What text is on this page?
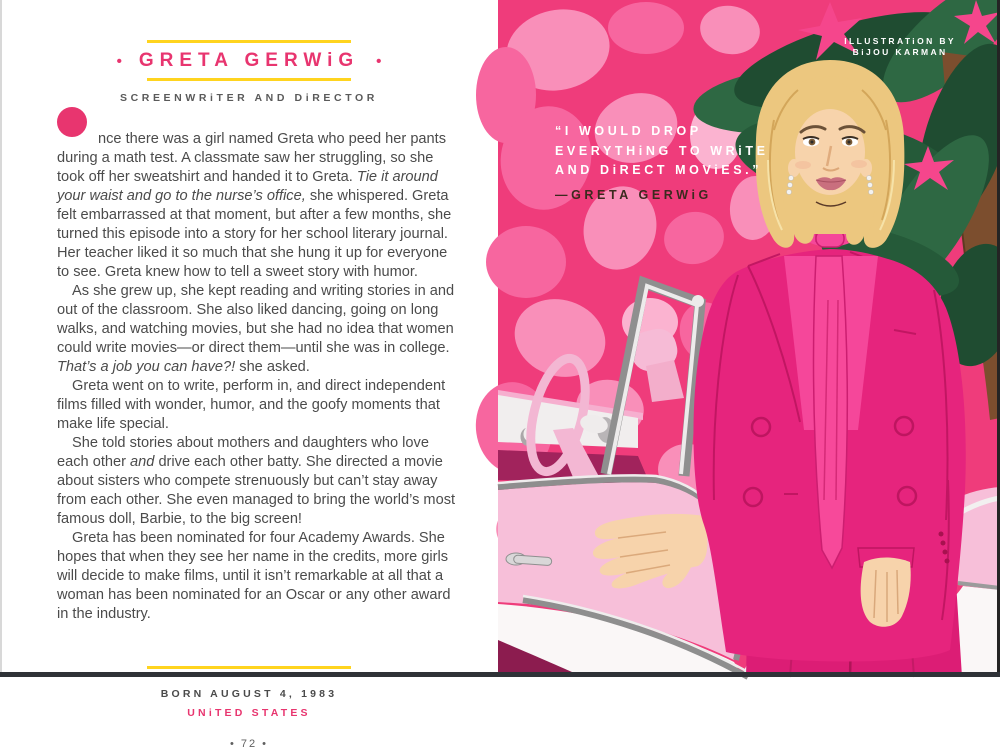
• GRETA GERWiG	•
SCREENWRiTER AND DiRECTOR

nce there was a girl named Greta who peed her pants during a math test. A classmate saw her struggling, so she took off her sweatshirt and handed it to Greta. Tie it around your waist and go to the nurse’s office, she whispered. Greta felt embarrassed at that moment, but after a few months, she turned this episode into a story for her school literary journal. Her teacher liked it so much that she hung it up for everyone to see. Greta knew how to tell a sweet story with humor.

As she grew up, she kept reading and writing stories in and out of the classroom. She also liked dancing, going on long walks, and watching movies, but she had no idea that women could write movies—or direct them—until she was in college. That’s a job you can have?! she asked.

Greta went on to write, perform in, and direct independent films filled with wonder, humor, and the goofy moments that make life special.

She told stories about mothers and daughters who love each other and drive each other batty. She directed a movie about sisters who compete strenuously but can’t stay away from each other. She even managed to bring the world’s most famous doll, Barbie, to the big screen!

Greta has been nominated for four Academy Awards. She hopes that when they see her name in the credits, more girls will decide to make films, until it isn’t remarkable at all that a woman has been nominated for an Oscar or any other award in the industry.

BORN AUGUST 4, 1983
UNiTED STATES
• 72 •
ILLUSTRATiON BY
BiJOU KARMAN
“I WOULD DROP
EVERYTHiNG TO WRiTE
AND DiRECT MOViES.”
—GRETA GERWiG
